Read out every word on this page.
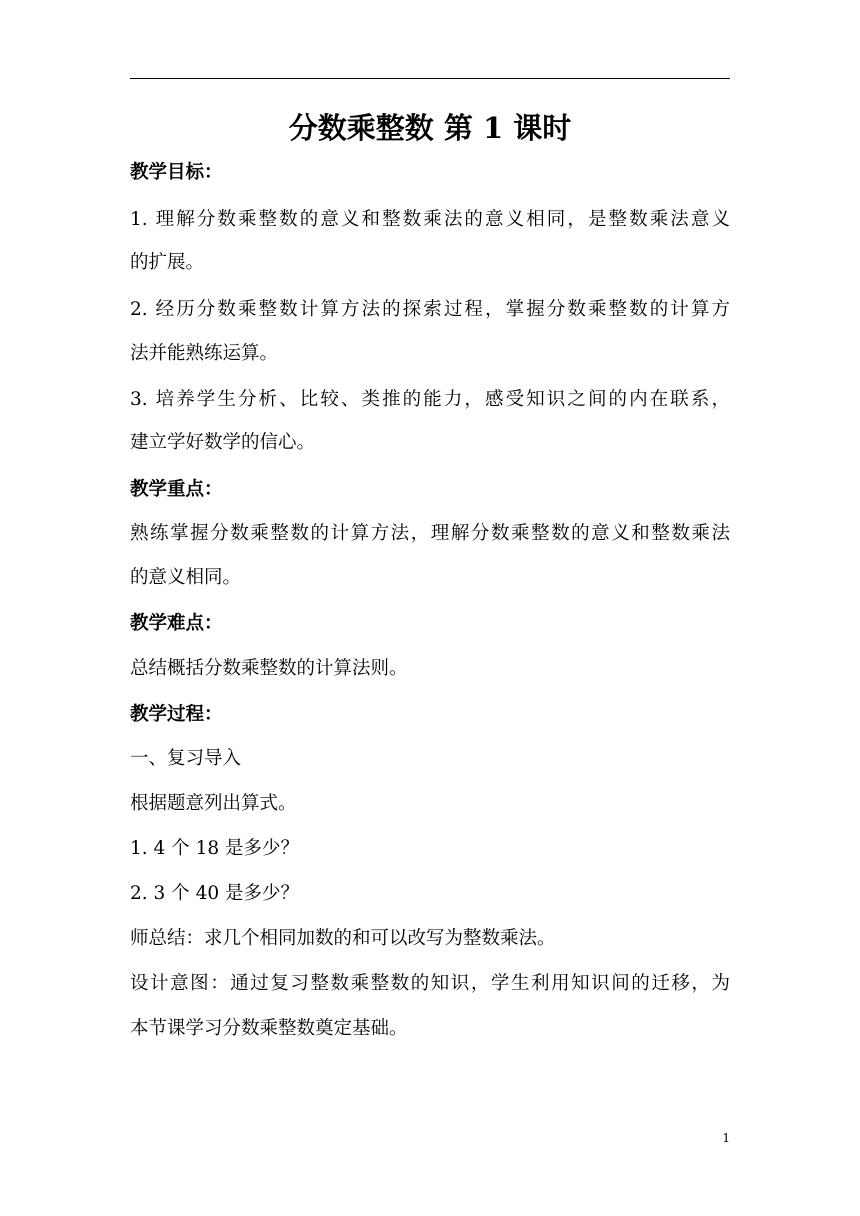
分数乘整数 第 1 课时
教学目标：
1. 理解分数乘整数的意义和整数乘法的意义相同，是整数乘法意义
的扩展。
2. 经历分数乘整数计算方法的探索过程，掌握分数乘整数的计算方
法并能熟练运算。
3. 培养学生分析、比较、类推的能力，感受知识之间的内在联系，
建立学好数学的信心。
教学重点：
熟练掌握分数乘整数的计算方法，理解分数乘整数的意义和整数乘法
的意义相同。
教学难点：
总结概括分数乘整数的计算法则。
教学过程：
一、复习导入
根据题意列出算式。
1. 4 个 18 是多少？
2. 3 个 40 是多少？
师总结：求几个相同加数的和可以改写为整数乘法。
设计意图：通过复习整数乘整数的知识，学生利用知识间的迁移，为
本节课学习分数乘整数奠定基础。
1
